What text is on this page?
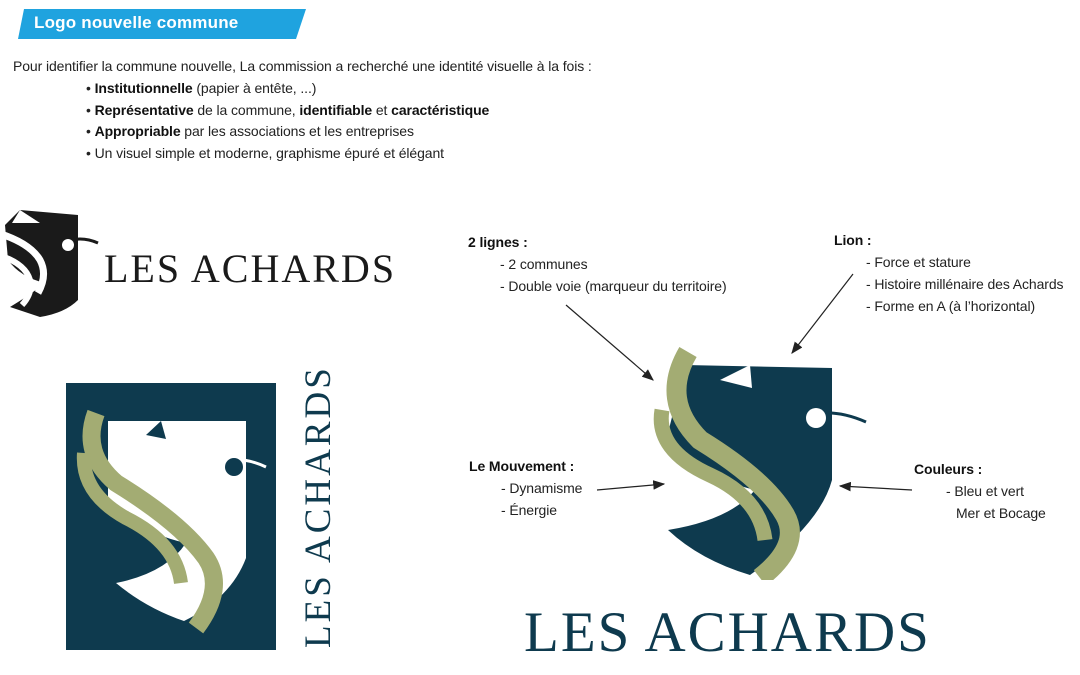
Logo nouvelle commune
Pour identifier la commune nouvelle, La commission a recherché une identité visuelle à la fois :
• Institutionnelle (papier à entête, ...)
• Représentative de la commune, identifiable et caractéristique
• Appropriable par les associations et les entreprises
• Un visuel simple et moderne, graphisme épuré et élégant
LES ACHARDS
LES ACHARDS	LES ACHARDS
2 lignes :
- 2 communes
- Double voie (marqueur du territoire)
Lion :
- Force et stature
- Histoire millénaire des Achards
- Forme en A (à l’horizontal)
Le Mouvement :
- Dynamisme
- Énergie
Couleurs :
- Bleu et vert
Mer et Bocage
